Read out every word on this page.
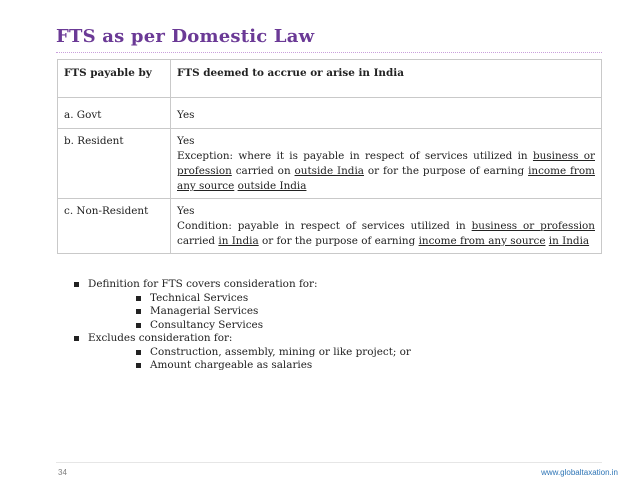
FTS as per Domestic Law
FTS payable by	FTS deemed to accrue or arise in India
a. Govt	Yes
b. Resident	Yes
Exception: where it is payable in respect of services utilized in business or profession carried on outside India or for the purpose of earning income from any source outside India

c. Non-Resident	Yes
Condition: payable in respect of services utilized in business or profession carried in India or for the purpose of earning income from any source in India
Definition for FTS covers consideration for:
Technical Services
Managerial Services
Consultancy Services
Excludes consideration for:
Construction, assembly, mining or like project; or
Amount chargeable as salaries
34	www.globaltaxation.in
